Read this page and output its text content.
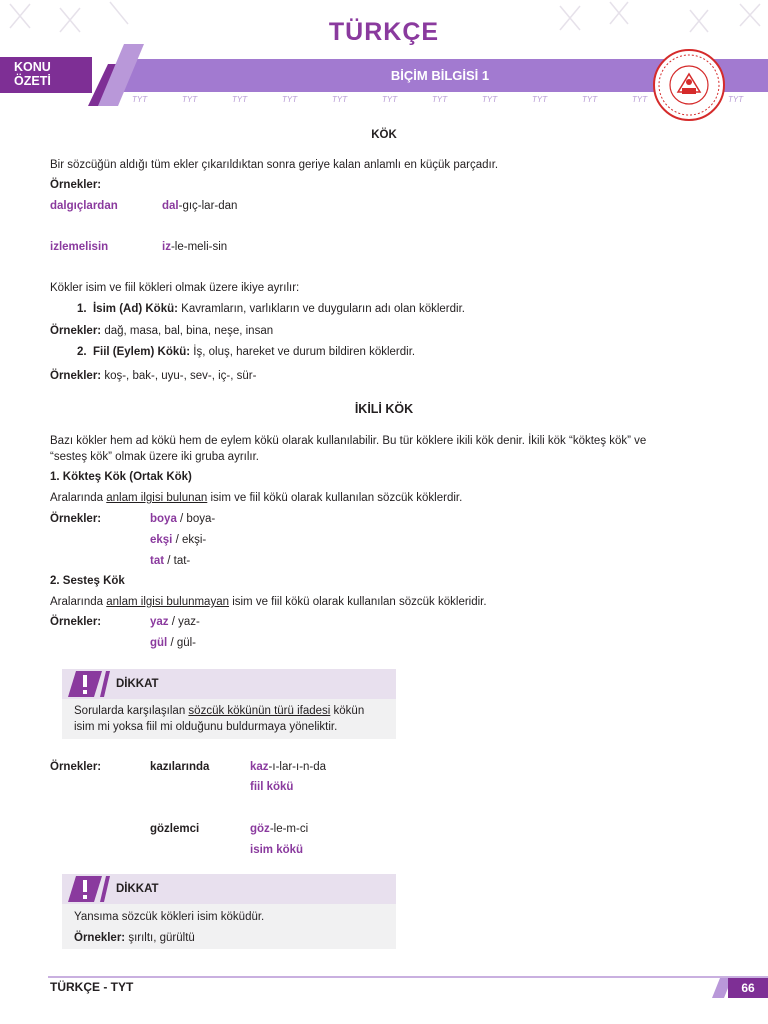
TÜRKÇE
BİÇİM BİLGİSİ 1
KONU
ÖZETİ
TYT	TYT	TYT	TYT	TYT	TYT	TYT	TYT	TYT	TYT	TYT	TYT
KÖK
Bir sözcüğün aldığı tüm ekler çıkarıldıktan sonra geriye kalan anlamlı en küçük parçadır.
Örnekler:
dalgıçlardan	dal-gıç-lar-dan
izlemelisin	iz-le-meli-sin
Kökler isim ve fiil kökleri olmak üzere ikiye ayrılır:
1. İsim (Ad) Kökü: Kavramların, varlıkların ve duyguların adı olan köklerdir.
Örnekler: dağ, masa, bal, bina, neşe, insan
2. Fiil (Eylem) Kökü: İş, oluş, hareket ve durum bildiren köklerdir.
Örnekler: koş-, bak-, uyu-, sev-, iç-, sür-
İKİLİ KÖK
Bazı kökler hem ad kökü hem de eylem kökü olarak kullanılabilir. Bu tür köklere ikili kök denir. İkili kök “kökteş kök” ve
“sesteş kök” olmak üzere iki gruba ayrılır.
1. Kökteş Kök (Ortak Kök)
Aralarında anlam ilgisi bulunan isim ve fiil kökü olarak kullanılan sözcük köklerdir.
Örnekler:	boya / boya-
ekşi / ekşi-
tat / tat-
2. Sesteş Kök
Aralarında anlam ilgisi bulunmayan isim ve fiil kökü olarak kullanılan sözcük kökleridir.
Örnekler:	yaz / yaz-
gül / gül-
DİKKAT
Sorularda karşılaşılan sözcük kökünün türü ifadesi kökün
isim mi yoksa fiil mi olduğunu buldurmaya yöneliktir.
Örnekler:	kazılarında	kaz-ı-lar-ı-n-da
fiil kökü
gözlemci	göz-le-m-ci
isim kökü
DİKKAT
Yansıma sözcük kökleri isim köküdür.
Örnekler: şırıltı, gürültü
TÜRKÇE - TYT	66
